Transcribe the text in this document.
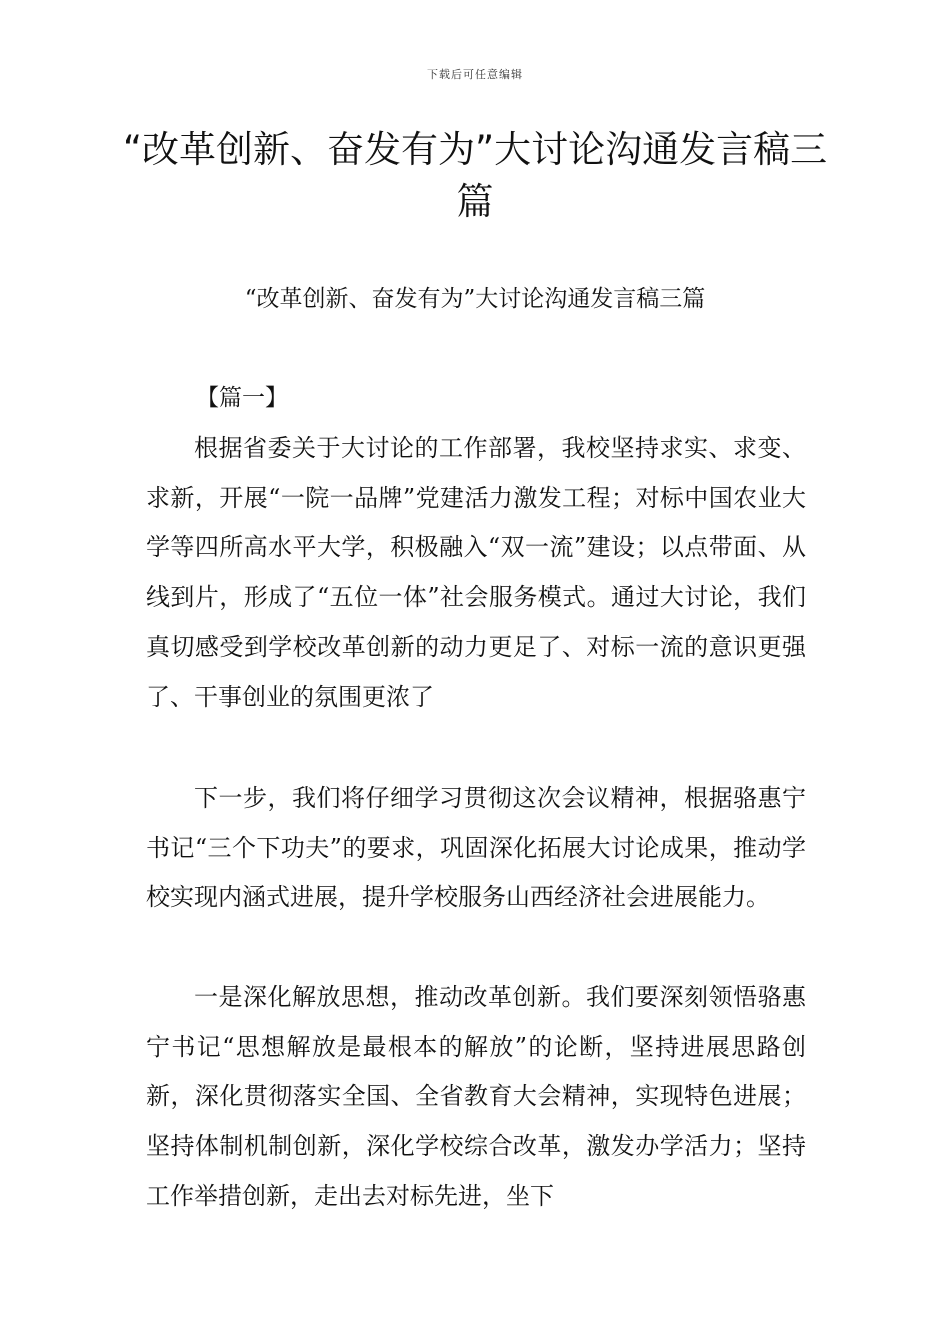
下载后可任意编辑
“改革创新、奋发有为”大讨论沟通发言稿三篇

“改革创新、奋发有为”大讨论沟通发言稿三篇

【篇一】

根据省委关于大讨论的工作部署，我校坚持求实、求变、求新，开展“一院一品牌”党建活力激发工程；对标中国农业大学等四所高水平大学，积极融入“双一流”建设；以点带面、从线到片，形成了“五位一体”社会服务模式。通过大讨论，我们真切感受到学校改革创新的动力更足了、对标一流的意识更强了、干事创业的氛围更浓了

下一步，我们将仔细学习贯彻这次会议精神，根据骆惠宁书记“三个下功夫”的要求，巩固深化拓展大讨论成果，推动学校实现内涵式进展，提升学校服务山西经济社会进展能力。

一是深化解放思想，推动改革创新。我们要深刻领悟骆惠宁书记“思想解放是最根本的解放”的论断，坚持进展思路创新，深化贯彻落实全国、全省教育大会精神，实现特色进展；坚持体制机制创新，深化学校综合改革，激发办学活力；坚持工作举措创新，走出去对标先进，坐下
